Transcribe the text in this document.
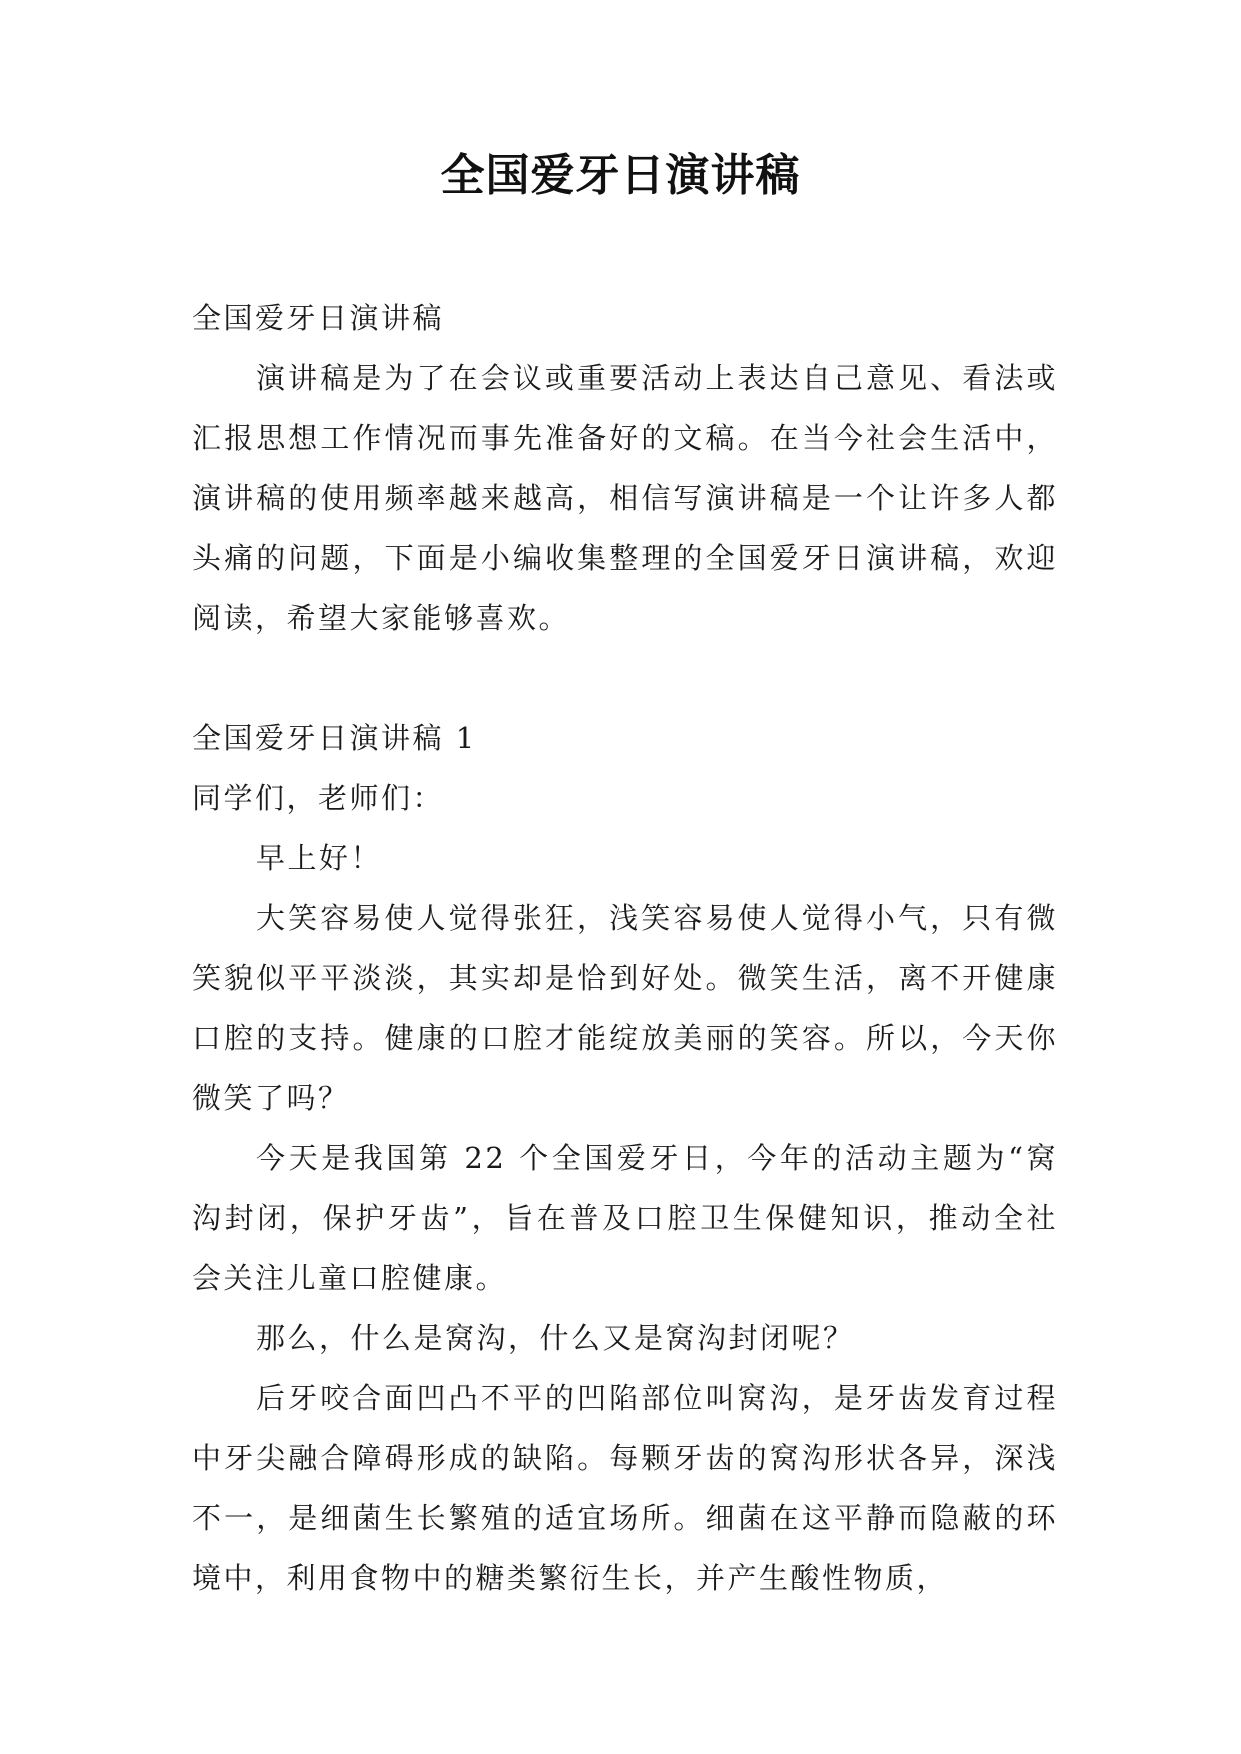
全国爱牙日演讲稿

全国爱牙日演讲稿

演讲稿是为了在会议或重要活动上表达自己意见、看法或汇报思想工作情况而事先准备好的文稿。在当今社会生活中，演讲稿的使用频率越来越高，相信写演讲稿是一个让许多人都头痛的问题，下面是小编收集整理的全国爱牙日演讲稿，欢迎阅读，希望大家能够喜欢。

全国爱牙日演讲稿 1

同学们，老师们：

早上好！

大笑容易使人觉得张狂，浅笑容易使人觉得小气，只有微笑貌似平平淡淡，其实却是恰到好处。微笑生活，离不开健康口腔的支持。健康的口腔才能绽放美丽的笑容。所以，今天你微笑了吗？

今天是我国第 22 个全国爱牙日，今年的活动主题为“窝沟封闭，保护牙齿”，旨在普及口腔卫生保健知识，推动全社会关注儿童口腔健康。

那么，什么是窝沟，什么又是窝沟封闭呢？

后牙咬合面凹凸不平的凹陷部位叫窝沟，是牙齿发育过程中牙尖融合障碍形成的缺陷。每颗牙齿的窝沟形状各异，深浅不一，是细菌生长繁殖的适宜场所。细菌在这平静而隐蔽的环境中，利用食物中的糖类繁衍生长，并产生酸性物质，
